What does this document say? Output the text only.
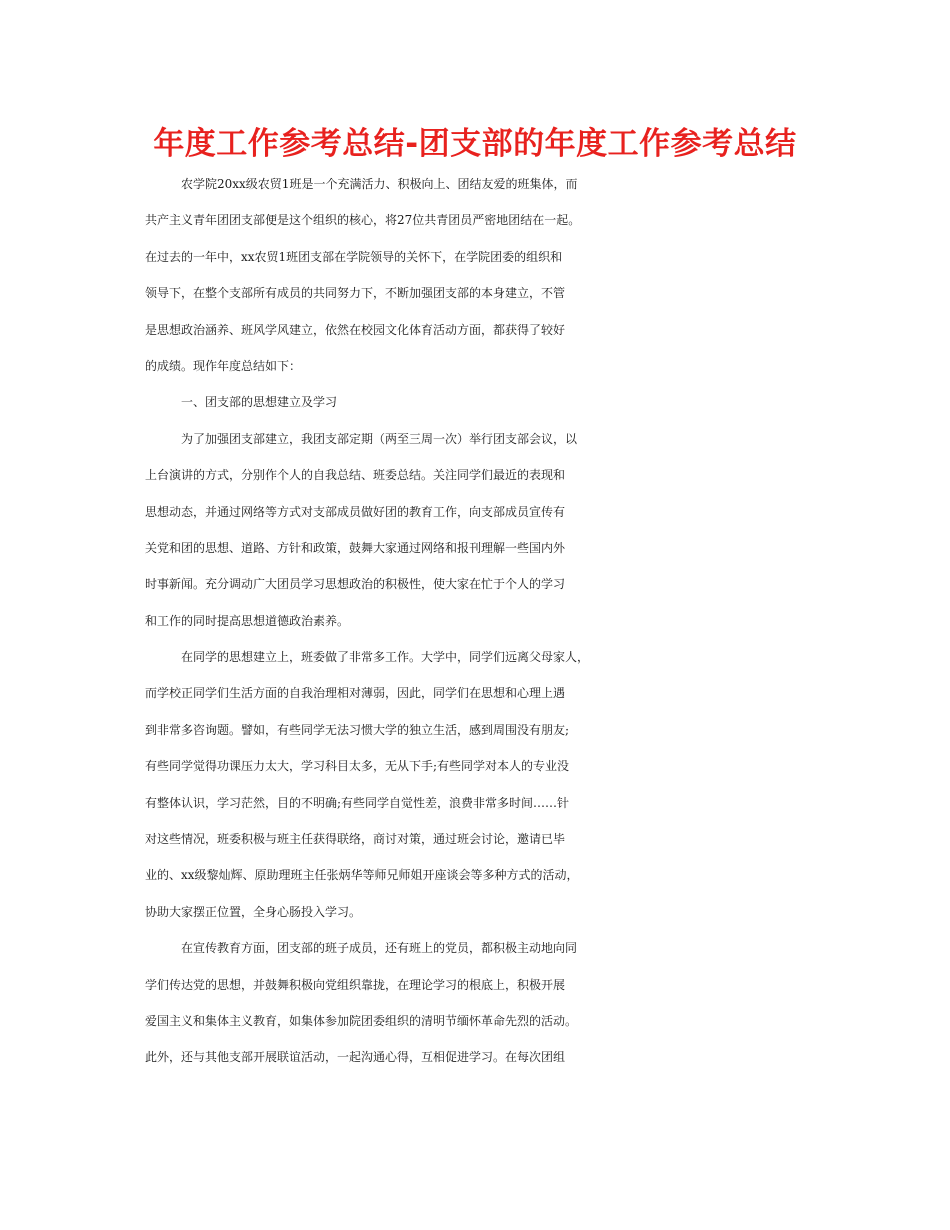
年度工作参考总结-团支部的年度工作参考总结
农学院20xx级农贸1班是一个充满活力、积极向上、团结友爱的班集体，而
共产主义青年团团支部便是这个组织的核心，将27位共青团员严密地团结在一起。
在过去的一年中，xx农贸1班团支部在学院领导的关怀下，在学院团委的组织和
领导下，在整个支部所有成员的共同努力下，不断加强团支部的本身建立，不管
是思想政治涵养、班风学风建立，依然在校园文化体育活动方面，都获得了较好
的成绩。现作年度总结如下：
一、团支部的思想建立及学习
为了加强团支部建立，我团支部定期（两至三周一次）举行团支部会议，以
上台演讲的方式，分别作个人的自我总结、班委总结。关注同学们最近的表现和
思想动态，并通过网络等方式对支部成员做好团的教育工作，向支部成员宣传有
关党和团的思想、道路、方针和政策，鼓舞大家通过网络和报刊理解一些国内外
时事新闻。充分调动广大团员学习思想政治的积极性，使大家在忙于个人的学习
和工作的同时提高思想道德政治素养。
在同学的思想建立上，班委做了非常多工作。大学中，同学们远离父母家人，
而学校正同学们生活方面的自我治理相对薄弱，因此，同学们在思想和心理上遇
到非常多咨询题。譬如，有些同学无法习惯大学的独立生活，感到周围没有朋友;
有些同学觉得功课压力太大，学习科目太多，无从下手;有些同学对本人的专业没
有整体认识，学习茫然，目的不明确;有些同学自觉性差，浪费非常多时间……针
对这些情况，班委积极与班主任获得联络，商讨对策，通过班会讨论，邀请已毕
业的、xx级黎灿辉、原助理班主任张炳华等师兄师姐开座谈会等多种方式的活动，
协助大家摆正位置，全身心肠投入学习。
在宣传教育方面，团支部的班子成员，还有班上的党员，都积极主动地向同
学们传达党的思想，并鼓舞积极向党组织靠拢，在理论学习的根底上，积极开展
爱国主义和集体主义教育，如集体参加院团委组织的清明节缅怀革命先烈的活动。
此外，还与其他支部开展联谊活动，一起沟通心得，互相促进学习。在每次团组
